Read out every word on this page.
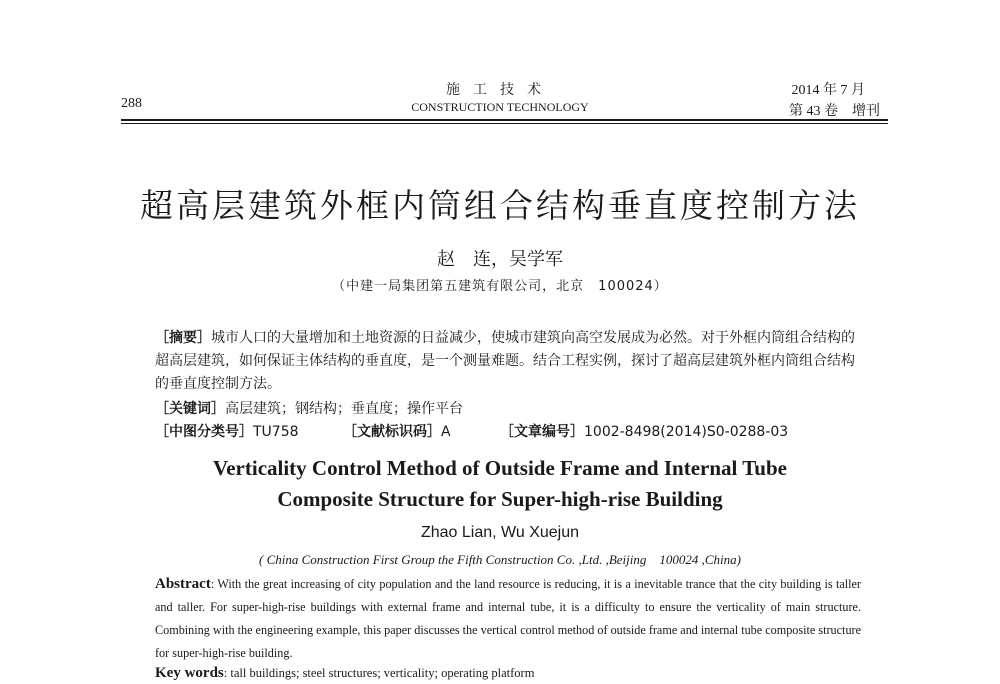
288
施工技术
CONSTRUCTION TECHNOLOGY
2014 年 7 月
第 43 卷　增刊
超高层建筑外框内筒组合结构垂直度控制方法
赵　连，吴学军
（中建一局集团第五建筑有限公司，北京　100024）
［摘要］城市人口的大量增加和土地资源的日益减少，使城市建筑向高空发展成为必然。对于外框内筒组合结构的超高层建筑，如何保证主体结构的垂直度，是一个测量难题。结合工程实例，探讨了超高层建筑外框内筒组合结构的垂直度控制方法。
［关键词］高层建筑；钢结构；垂直度；操作平台
［中图分类号］TU758	［文献标识码］A	［文章编号］1002-8498(2014)S0-0288-03
Verticality Control Method of Outside Frame and Internal Tube
Composite Structure for Super-high-rise Building
Zhao Lian, Wu Xuejun
( China Construction First Group the Fifth Construction Co. ,Ltd. ,Beijing　100024 ,China)
Abstract: With the great increasing of city population and the land resource is reducing, it is a inevitable trance that the city building is taller and taller. For super-high-rise buildings with external frame and internal tube, it is a difficulty to ensure the verticality of main structure. Combining with the engineering example, this paper discusses the vertical control method of outside frame and internal tube composite structure for super-high-rise building.
Key words: tall buildings; steel structures; verticality; operating platform
